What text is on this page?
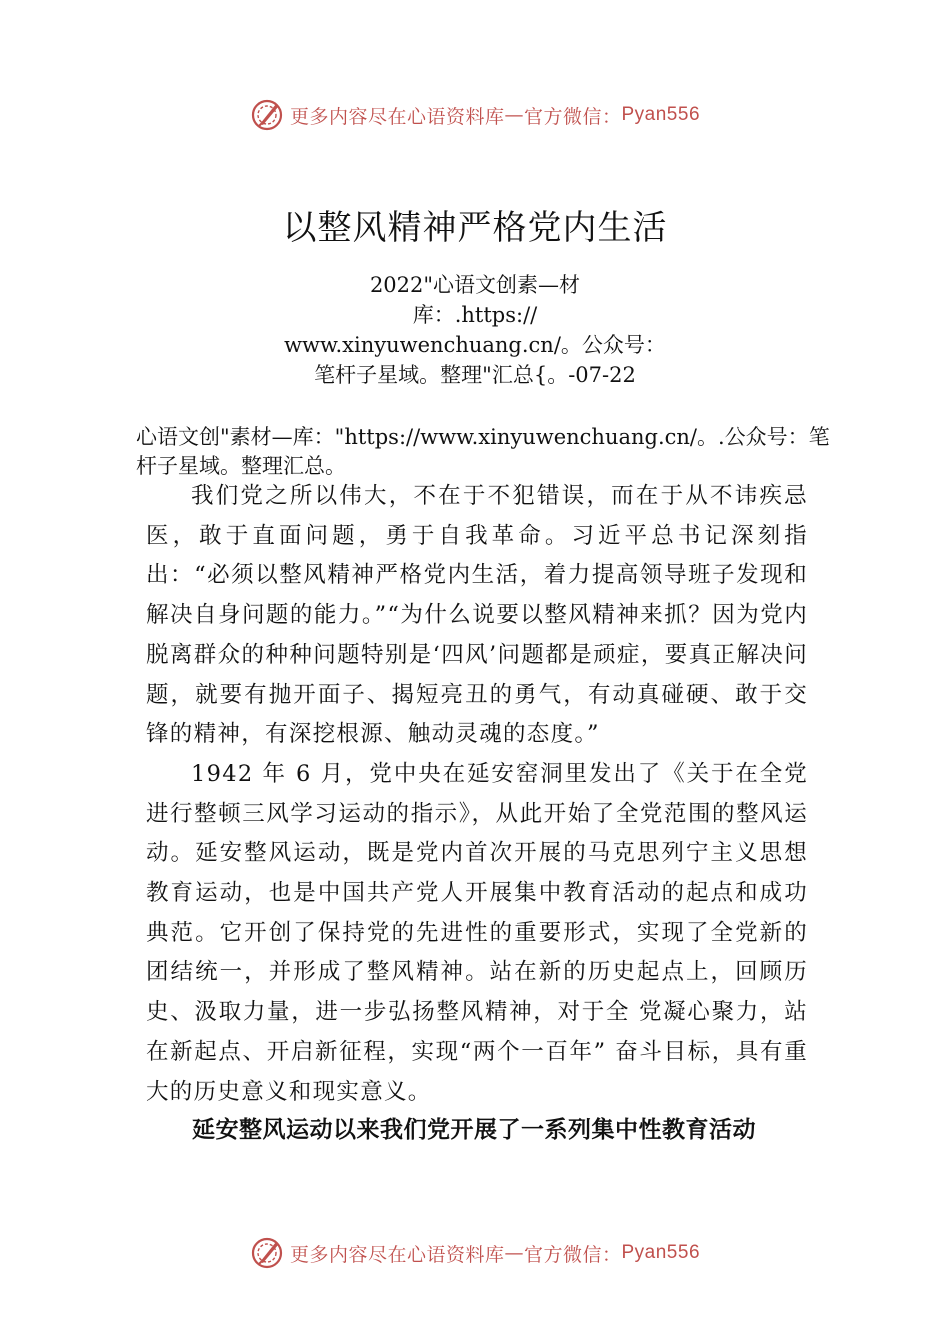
更多内容尽在心语资料库 — 官方微信： Pyan556
以整风精神严格党内生活
2022"心语文创素—材
库：.https://
www.xinyuwenchuang.cn/。公众号：
笔杆子星域。整理"汇总{。-07-22
心语文创"素材—库："https://www.xinyuwenchuang.cn/。.公众号：笔杆子星域。整理汇总。

我们党之所以伟大，不在于不犯错误，而在于从不讳疾忌医，敢于直面问题，勇于自我革命。习近平总书记深刻指出：“必须以整风精神严格党内生活，着力提高领导班子发现和解决自身问题的能力。”“为什么说要以整风精神来抓？因为党内脱离群众的种种问题特别是‘四风’问题都是顽症，要真正解决问题，就要有抛开面子、揭短亮丑的勇气，有动真碰硬、敢于交锋的精神，有深挖根源、触动灵魂的态度。”

1942 年 6 月，党中央在延安窑洞里发出了《关于在全党进行整顿三风学习运动的指示》，从此开始了全党范围的整风运动。延安整风运动，既是党内首次开展的马克思列宁主义思想教育运动，也是中国共产党人开展集中教育活动的起点和成功典范。它开创了保持党的先进性的重要形式，实现了全党新的团结统一，并形成了整风精神。站在新的历史起点上，回顾历史、汲取力量，进一步弘扬整风精神，对于全 党凝心聚力，站在新起点、开启新征程，实现“两个一百年” 奋斗目标，具有重大的历史意义和现实意义。

延安整风运动以来我们党开展了一系列集中性教育活动
更多内容尽在心语资料库 — 官方微信： Pyan556
